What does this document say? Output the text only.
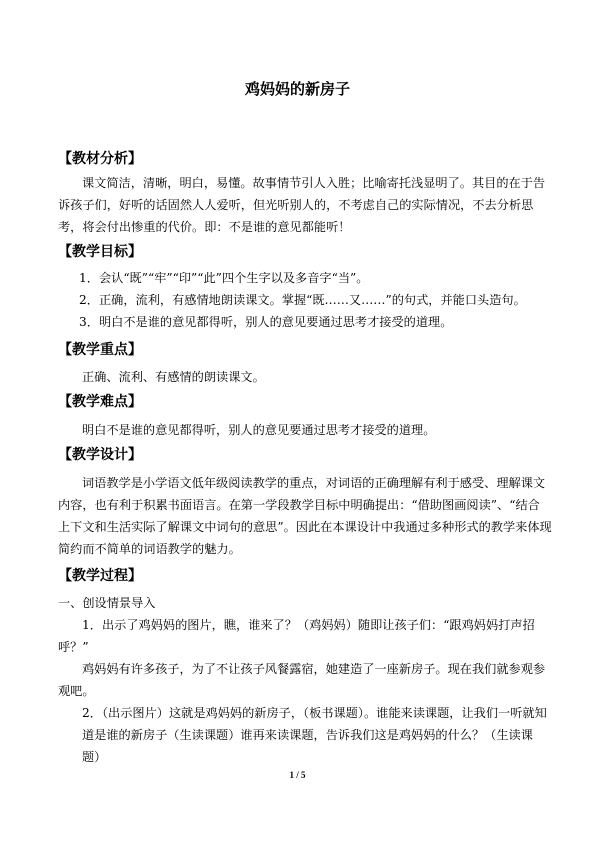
鸡妈妈的新房子
【教材分析】
课文简洁，清晰，明白，易懂。故事情节引人入胜；比喻寄托浅显明了。其目的在于告
诉孩子们，好听的话固然人人爱听，但光听别人的，不考虑自己的实际情况，不去分析思
考，将会付出惨重的代价。即：不是谁的意见都能听！
【教学目标】
1．会认“既”“牢”“印”“此”四个生字以及多音字“当”。
2．正确，流利，有感情地朗读课文。掌握“既……又……”的句式，并能口头造句。
3．明白不是谁的意见都得听，别人的意见要通过思考才接受的道理。
【教学重点】
正确、流利、有感情的朗读课文。
【教学难点】
明白不是谁的意见都得听，别人的意见要通过思考才接受的道理。
【教学设计】
词语教学是小学语文低年级阅读教学的重点，对词语的正确理解有利于感受、理解课文
内容，也有利于积累书面语言。在第一学段教学目标中明确提出：“借助图画阅读”、“结合
上下文和生活实际了解课文中词句的意思”。因此在本课设计中我通过多种形式的教学来体现
简约而不简单的词语教学的魅力。
【教学过程】
一、创设情景导入
1．出示了鸡妈妈的图片，瞧，谁来了？（鸡妈妈）随即让孩子们：“跟鸡妈妈打声招
呼？”
鸡妈妈有许多孩子，为了不让孩子风餐露宿，她建造了一座新房子。现在我们就参观参
观吧。
2．（出示图片）这就是鸡妈妈的新房子，（板书课题）。谁能来读课题，让我们一听就知
道是谁的新房子（生读课题）谁再来读课题，告诉我们这是鸡妈妈的什么？（生读课
题）
1 / 5
